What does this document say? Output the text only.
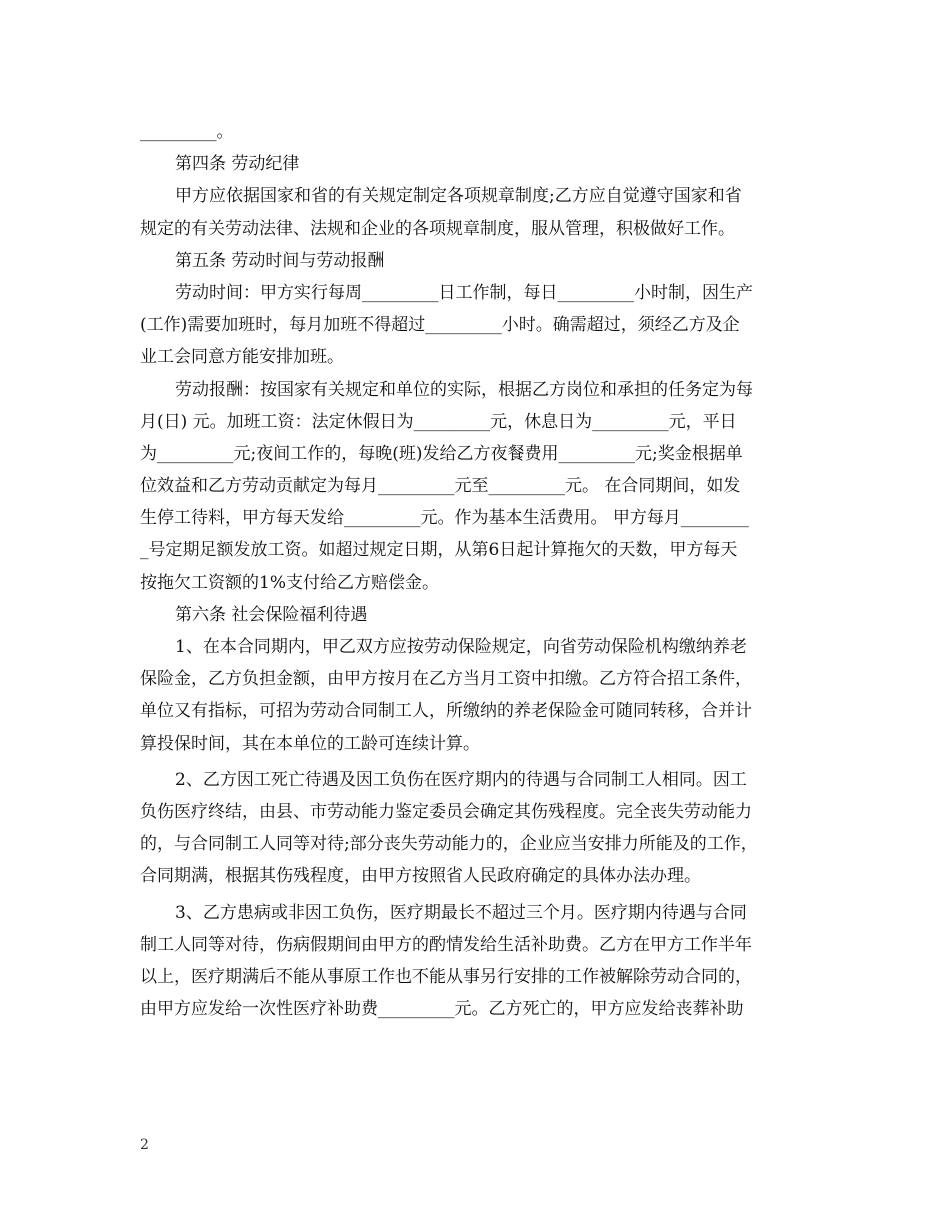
_________。
第四条 劳动纪律
甲方应依据国家和省的有关规定制定各项规章制度;乙方应自觉遵守国家和省
规定的有关劳动法律、法规和企业的各项规章制度，服从管理，积极做好工作。
第五条 劳动时间与劳动报酬
劳动时间：甲方实行每周_________日工作制，每日_________小时制，因生产
(工作)需要加班时，每月加班不得超过_________小时。确需超过，须经乙方及企
业工会同意方能安排加班。
劳动报酬：按国家有关规定和单位的实际，根据乙方岗位和承担的任务定为每
月(日) 元。加班工资：法定休假日为_________元，休息日为_________元，平日
为_________元;夜间工作的，每晚(班)发给乙方夜餐费用_________元;奖金根据单
位效益和乙方劳动贡献定为每月_________元至_________元。 在合同期间，如发
生停工待料，甲方每天发给_________元。作为基本生活费用。 甲方每月________
_号定期足额发放工资。如超过规定日期，从第6日起计算拖欠的天数，甲方每天
按拖欠工资额的1%支付给乙方赔偿金。
第六条 社会保险福利待遇
1、在本合同期内，甲乙双方应按劳动保险规定，向省劳动保险机构缴纳养老
保险金，乙方负担金额，由甲方按月在乙方当月工资中扣缴。乙方符合招工条件，
单位又有指标，可招为劳动合同制工人，所缴纳的养老保险金可随同转移，合并计
算投保时间，其在本单位的工龄可连续计算。
2、乙方因工死亡待遇及因工负伤在医疗期内的待遇与合同制工人相同。因工
负伤医疗终结，由县、市劳动能力鉴定委员会确定其伤残程度。完全丧失劳动能力
的，与合同制工人同等对待;部分丧失劳动能力的，企业应当安排力所能及的工作，
合同期满，根据其伤残程度，由甲方按照省人民政府确定的具体办法办理。
3、乙方患病或非因工负伤，医疗期最长不超过三个月。医疗期内待遇与合同
制工人同等对待，伤病假期间由甲方的酌情发给生活补助费。乙方在甲方工作半年
以上，医疗期满后不能从事原工作也不能从事另行安排的工作被解除劳动合同的，
由甲方应发给一次性医疗补助费_________元。乙方死亡的，甲方应发给丧葬补助
2
